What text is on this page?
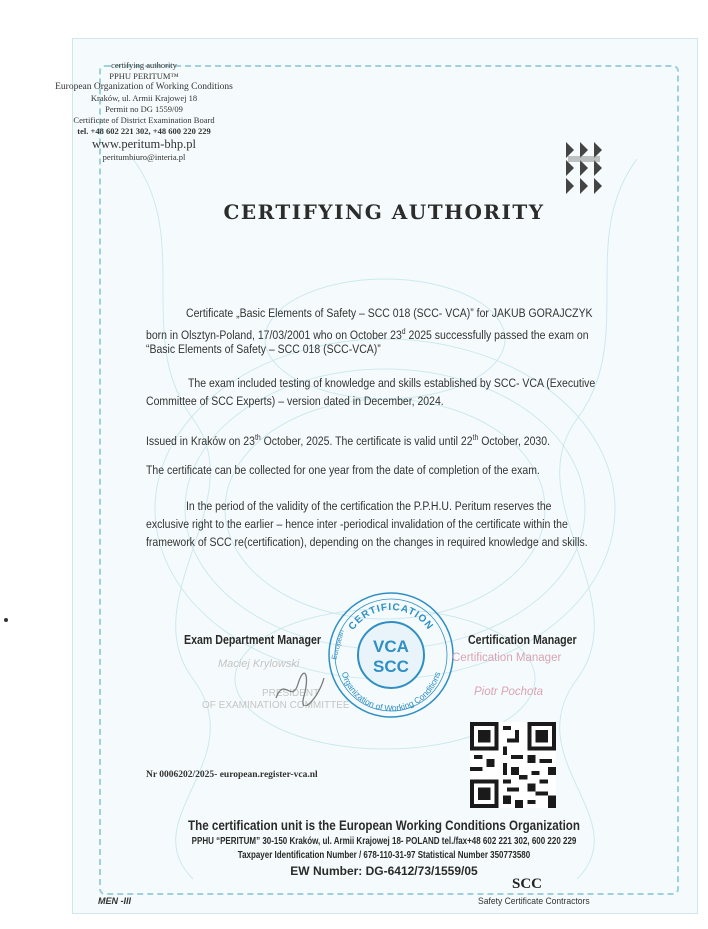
certifying authority
PPHU PERITUM™
European Organization of Working Conditions
Kraków, ul. Armii Krajowej 18
Permit no DG 1559/09
Certificate of District Examination Board
tel. +48 602 221 302, +48 600 220 229
www.peritum-bhp.pl
peritumbiuro@interia.pl
CERTIFYING AUTHORITY
Certificate „Basic Elements of Safety – SCC 018 (SCC- VCA)” for JAKUB GORAJCZYK
born in Olsztyn-Poland, 17/03/2001 who on October 23$^d$ 2025 successfully passed the exam on
“Basic Elements of Safety – SCC 018 (SCC-VCA)”
The exam included testing of knowledge and skills established by SCC- VCA (Executive
Committee of SCC Experts) – version dated in December, 2024.
Issued in Kraków on 23th October, 2025. The certificate is valid until 22th October, 2030.
The certificate can be collected for one year from the date of completion of the exam.
In the period of the validity of the certification the P.P.H.U. Peritum reserves the
exclusive right to the earlier – hence inter -periodical invalidation of the certificate within the
framework of SCC re(certification), depending on the changes in required knowledge and skills.
CERTIFICATION
Organization of Working Conditions
VCA
SCC
European
Exam Department Manager
Maciej Krylowski
PRESIDENT
OF EXAMINATION COMMITTEE
Certification Manager
Certification Manager
Piotr Pochota
Nr 0006202/2025- european.register-vca.nl
The certification unit is the European Working Conditions Organization
PPHU “PERITUM” 30-150 Kraków, ul. Armii Krajowej 18- POLAND tel./fax+48 602 221 302, 600 220 229
Taxpayer Identification Number / 678-110-31-97 Statistical Number 350773580
EW Number: DG-6412/73/1559/05
MEN -III
SCC
Safety Certificate Contractors
